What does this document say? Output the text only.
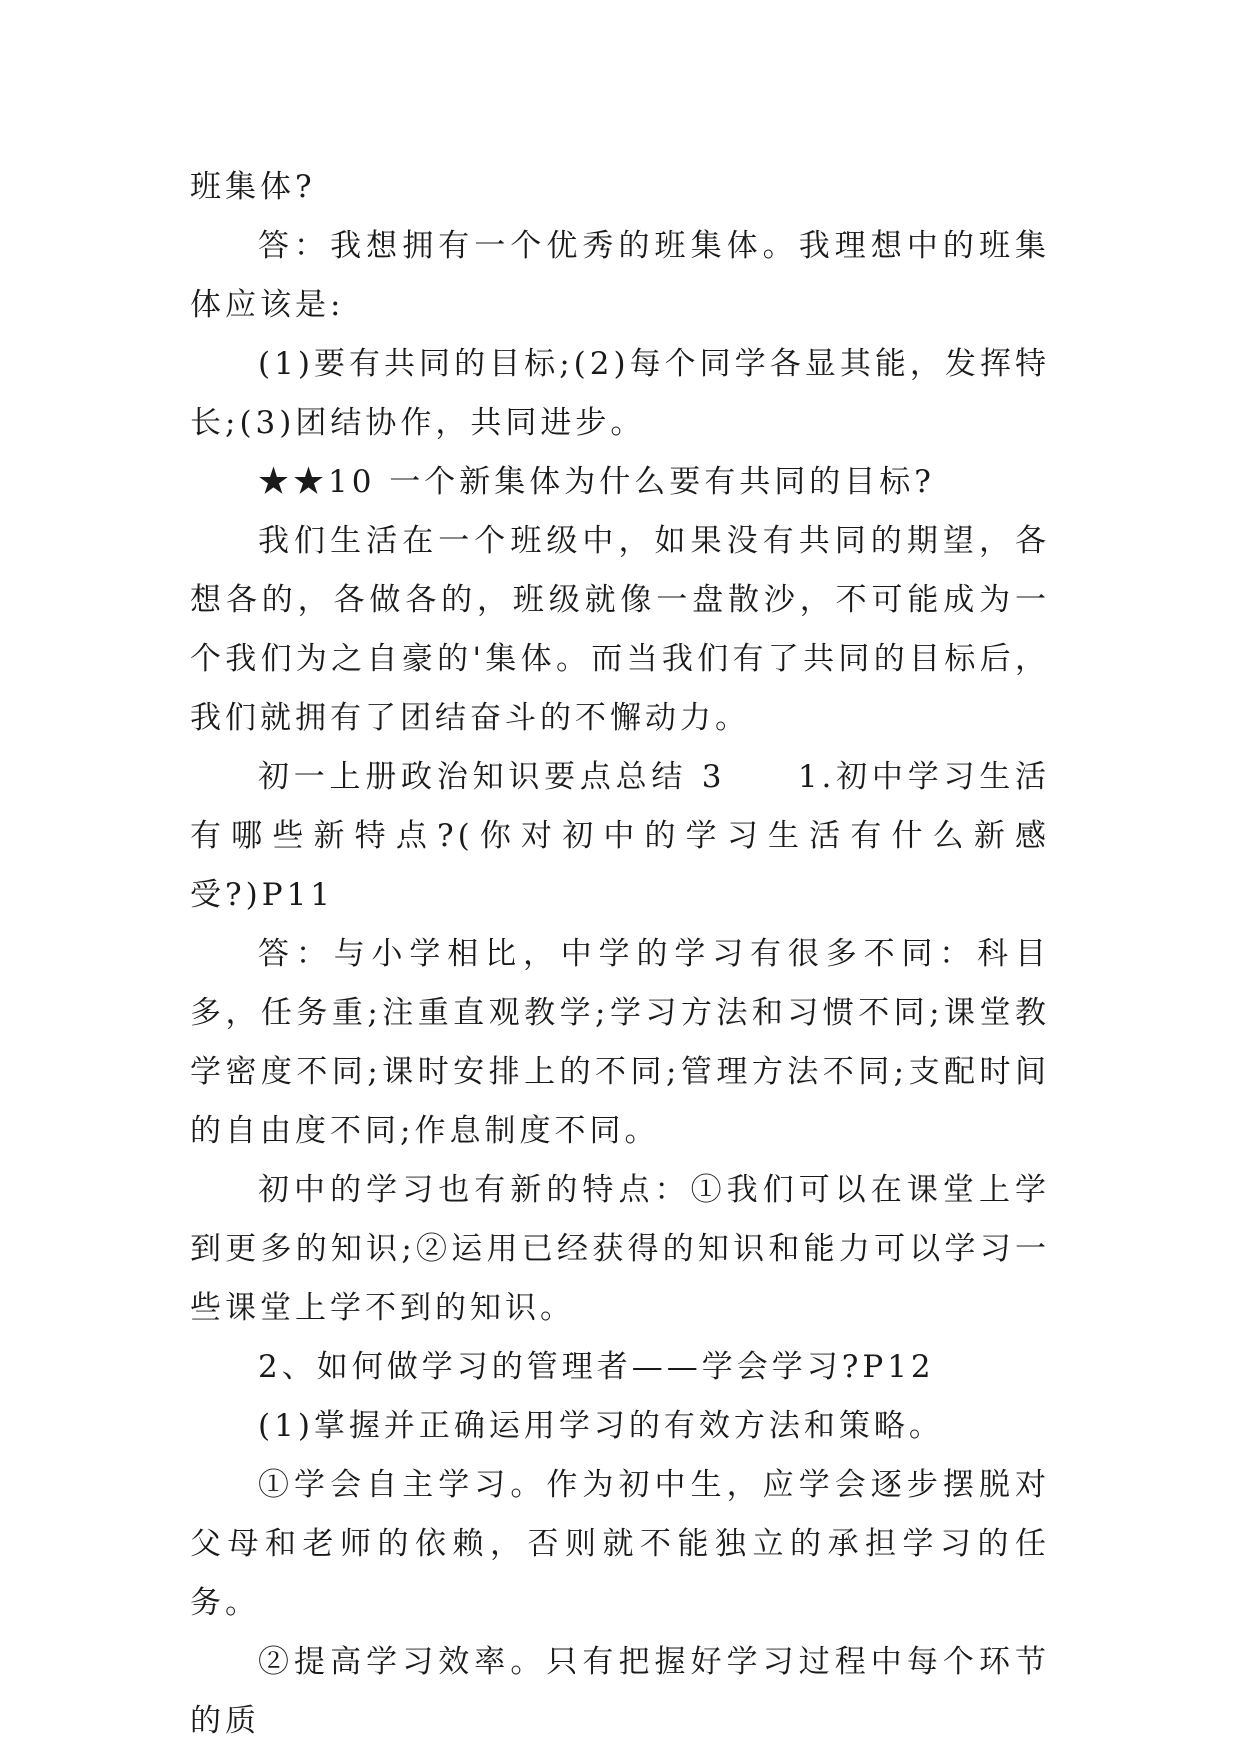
班集体?

答：我想拥有一个优秀的班集体。我理想中的班集体应该是:

(1)要有共同的目标;(2)每个同学各显其能，发挥特长;(3)团结协作，共同进步。

★★10 一个新集体为什么要有共同的目标?

我们生活在一个班级中，如果没有共同的期望，各想各的，各做各的，班级就像一盘散沙，不可能成为一个我们为之自豪的'集体。而当我们有了共同的目标后，我们就拥有了团结奋斗的不懈动力。

初一上册政治知识要点总结 3　　1.初中学习生活有哪些新特点?(你对初中的学习生活有什么新感受?)P11

答：与小学相比，中学的学习有很多不同：科目多，任务重;注重直观教学;学习方法和习惯不同;课堂教学密度不同;课时安排上的不同;管理方法不同;支配时间的自由度不同;作息制度不同。

初中的学习也有新的特点：①我们可以在课堂上学到更多的知识;②运用已经获得的知识和能力可以学习一些课堂上学不到的知识。

2、如何做学习的管理者——学会学习?P12

(1)掌握并正确运用学习的有效方法和策略。

①学会自主学习。作为初中生，应学会逐步摆脱对父母和老师的依赖，否则就不能独立的承担学习的任务。

②提高学习效率。只有把握好学习过程中每个环节的质
